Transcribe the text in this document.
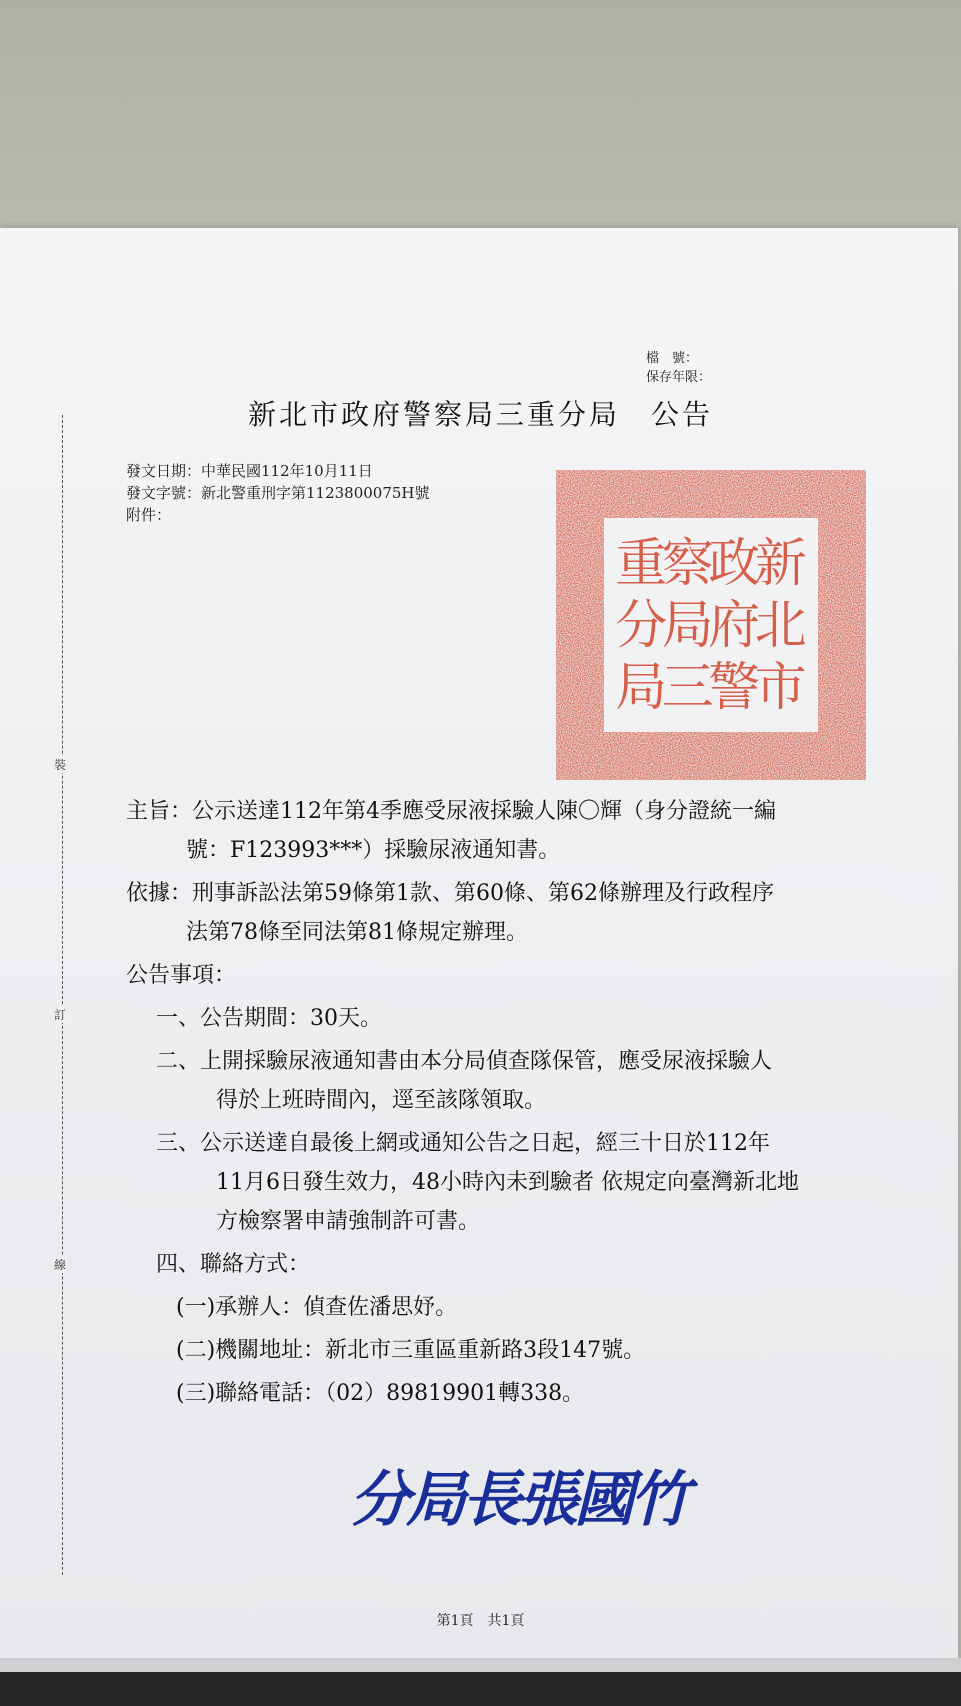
裝
訂
線
檔　號：
保存年限：
新北市政府警察局三重分局　公告
發文日期：中華民國112年10月11日
發文字號：新北警重刑字第1123800075H號
附件：
新
北
市
政
府
警
察
局
三
重
分
局
主旨： 公示送達112年第4季應受尿液採驗人陳〇輝（身分證統一編
號：F123993***）採驗尿液通知書。
依據： 刑事訴訟法第59條第1款、第60條、第62條辦理及行政程序
法第78條至同法第81條規定辦理。
公告事項：
一、公告期間：30天。
二、上開採驗尿液通知書由本分局偵查隊保管，應受尿液採驗人
得於上班時間內，逕至該隊領取。
三、公示送達自最後上網或通知公告之日起，經三十日於112年
11月6日發生效力，48小時內未到驗者 依規定向臺灣新北地
方檢察署申請強制許可書。
四、聯絡方式：
(一)承辦人：偵查佐潘思妤。
(二)機關地址：新北市三重區重新路3段147號。
(三)聯絡電話：（02）89819901轉338。
分局長張國竹
第1頁　共1頁
